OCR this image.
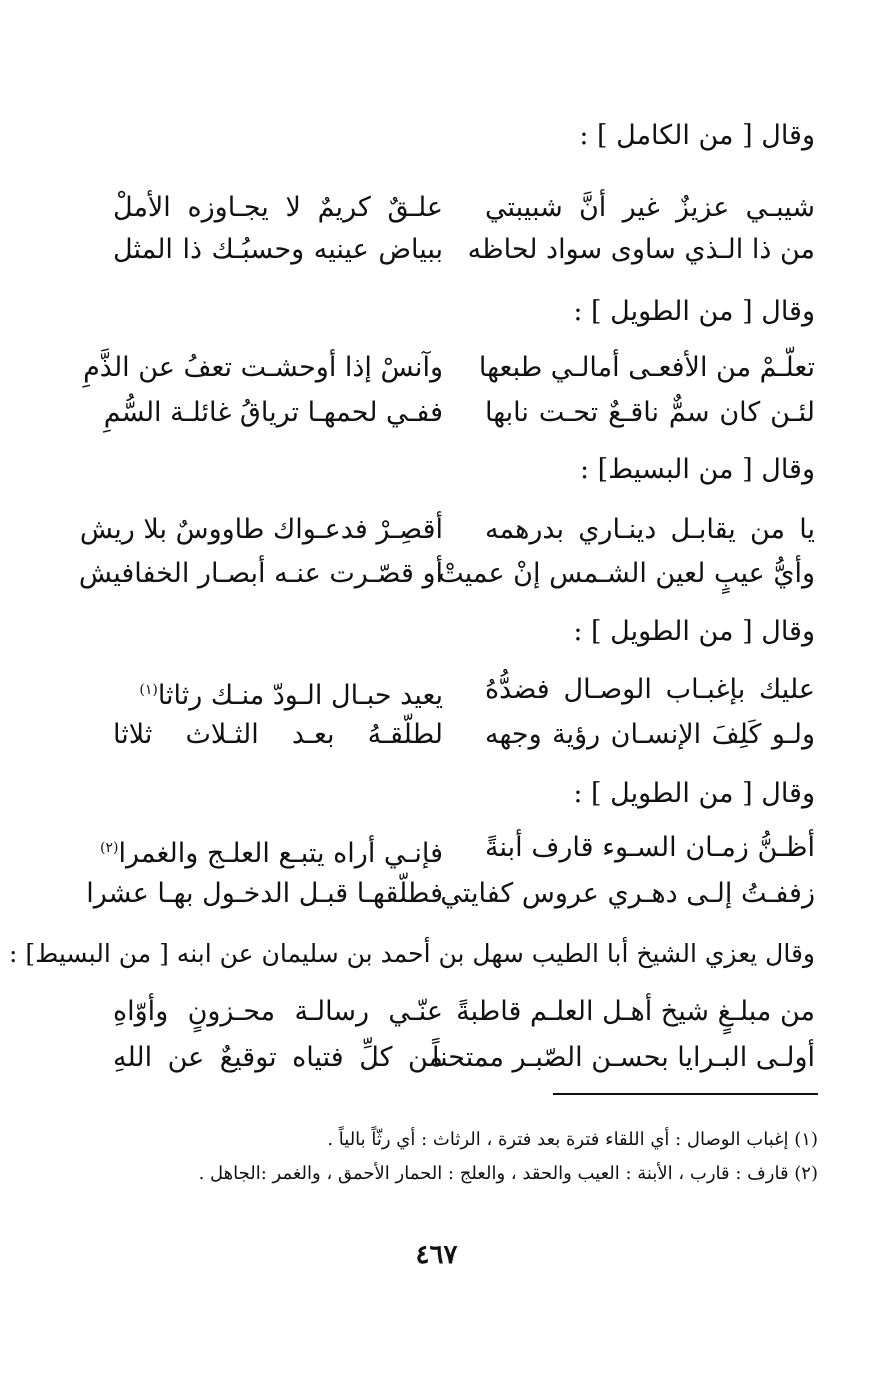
وقال [ من الكامل ] :
شيبـي عزيزٌ غير أنَّ شبيبتي
علـقٌ كريمٌ لا يجـاوزه الأملْ
من ذا الـذي ساوى سواد لحاظه
ببياض عينيه وحسبُـك ذا المثل
وقال [ من الطويل ] :
تعلّـمْ من الأفعـى أمالـي طبعها
وآنسْ إذا أوحشـت تعفُ عن الذَّمِ
لئـن كان سمٌّ ناقـعٌ تحـت نابها
ففـي لحمهـا ترياقُ غائلـة السُّمِ
وقال [ من البسيط] :
يا من يقابـل دينـاري بدرهمه
أقصِـرْ فدعـواك طاووسٌ بلا ريش
وأيُّ عيبٍ لعين الشـمس إنْ عميتْ
أو قصّـرت عنـه أبصـار الخفافيش
وقال [ من الطويل ] :
عليك بإغبـاب الوصـال فضدُّهُ
يعيد حبـال الـودّ منـك رثاثا$^{(١)}$
ولـو كَلِفَ الإنسـان رؤية وجهه
لطلّقـهُ بعـد الثـلاث ثلاثا
وقال [ من الطويل ] :
أظـنُّ زمـان السـوء قارف أبنةً
فإنـي أراه يتبـع العلـج والغمرا$^{(٢)}$
زففـتُ إلـى دهـري عروس كفايتي
فطلّقهـا قبـل الدخـول بهـا عشرا
وقال يعزي الشيخ أبا الطيب سهل بن أحمد بن سليمان عن ابنه [ من البسيط] :
من مبلـغٍ شيخ أهـل العلـم قاطبةً
عنّـي رسالـة محـزونٍ وأوّاهِ
أولـى البـرايا بحسـن الصّبـر ممتحناً
من كلِّ فتياه توقيعٌ عن اللهِ
(١) إغباب الوصال : أي اللقاء فترة بعد فترة ، الرثاث : أي رثّاً بالياً .
(٢) قارف : قارب ، الأبنة : العيب والحقد ، والعلج : الحمار الأحمق ، والغمر :الجاهل .
٤٦٧
